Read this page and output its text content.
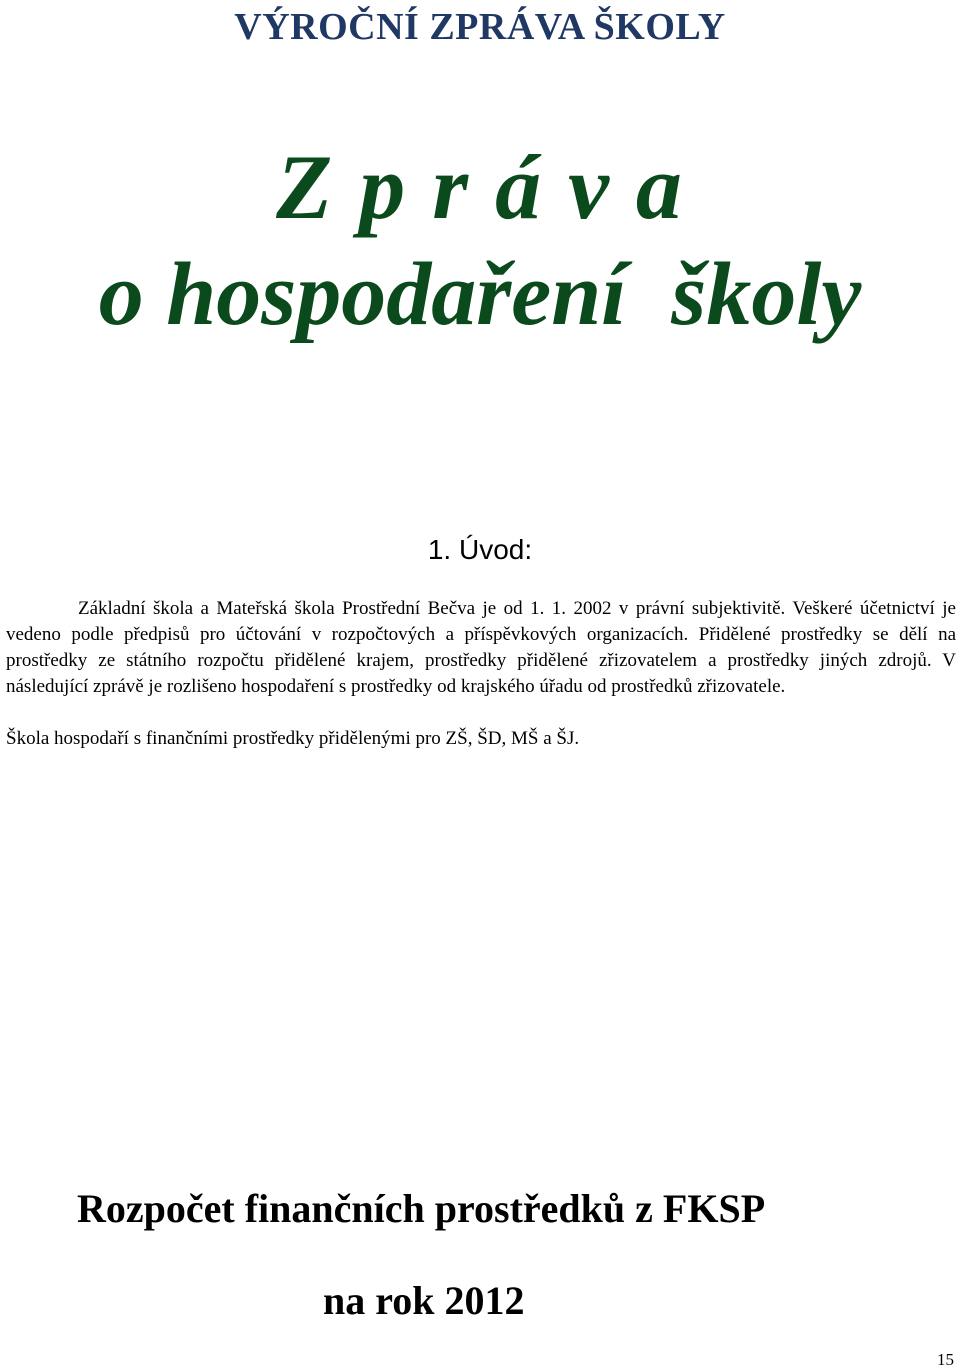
VÝROČNÍ ZPRÁVA ŠKOLY
Z p r á v a
o hospodaření  školy
1. Úvod:

Základní škola a Mateřská škola Prostřední Bečva je od 1. 1. 2002 v právní subjektivitě. Veškeré účetnictví je vedeno podle předpisů pro účtování v rozpočtových a příspěvkových organizacích. Přidělené prostředky se dělí na prostředky ze státního rozpočtu přidělené krajem, prostředky přidělené zřizovatelem a prostředky jiných zdrojů. V následující zprávě je rozlišeno hospodaření s prostředky od krajského úřadu od prostředků zřizovatele.

Škola hospodaří s finančními prostředky přidělenými pro ZŠ, ŠD, MŠ a ŠJ.

Rozpočet finančních prostředků z FKSP
na rok 2012
15
